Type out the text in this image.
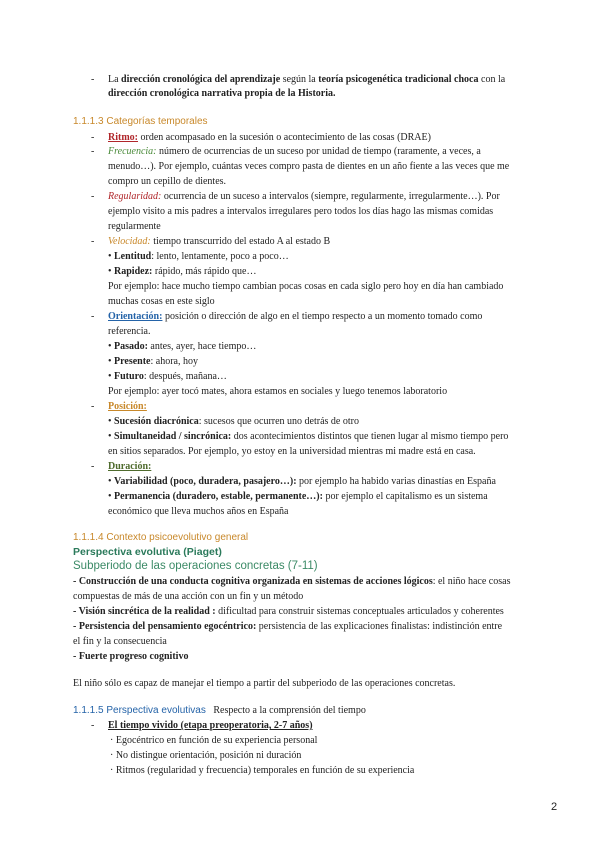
-	La dirección cronológica del aprendizaje según la teoría psicogenética tradicional choca con la
dirección cronológica narrativa propia de la Historia.
1.1.1.3 Categorías temporales
-	Ritmo: orden acompasado en la sucesión o acontecimiento de las cosas (DRAE)
-	Frecuencia: número de ocurrencias de un suceso por unidad de tiempo (raramente, a veces, a
menudo…). Por ejemplo, cuántas veces compro pasta de dientes en un año fiente a las veces que me
compro un cepillo de dientes.
-	Regularidad: ocurrencia de un suceso a intervalos (siempre, regularmente, irregularmente…). Por
ejemplo visito a mis padres a intervalos irregulares pero todos los días hago las mismas comidas
regularmente
-	Velocidad: tiempo transcurrido del estado A al estado B
• Lentitud: lento, lentamente, poco a poco…
• Rapidez: rápido, más rápido que…
Por ejemplo: hace mucho tiempo cambian pocas cosas en cada siglo pero hoy en día han cambiado
muchas cosas en este siglo
-	Orientación: posición o dirección de algo en el tiempo respecto a un momento tomado como
referencia.
• Pasado: antes, ayer, hace tiempo…
• Presente: ahora, hoy
• Futuro: después, mañana…
Por ejemplo: ayer tocó mates, ahora estamos en sociales y luego tenemos laboratorio
-	Posición:
• Sucesión diacrónica: sucesos que ocurren uno detrás de otro
• Simultaneidad / sincrónica: dos acontecimientos distintos que tienen lugar al mismo tiempo pero
en sitios separados. Por ejemplo, yo estoy en la universidad mientras mi madre está en casa.
-	Duración:
• Variabilidad (poco, duradera, pasajero…): por ejemplo ha habido varias dinastías en España
• Permanencia (duradero, estable, permanente…): por ejemplo el capitalismo es un sistema
económico que lleva muchos años en España
1.1.1.4 Contexto psicoevolutivo general
Perspectiva evolutiva (Piaget)
Subperiodo de las operaciones concretas (7-11)
- Construcción de una conducta cognitiva organizada en sistemas de acciones lógicos: el niño hace cosas
compuestas de más de una acción con un fin y un método
- Visión sincrética de la realidad : dificultad para construir sistemas conceptuales articulados y coherentes
- Persistencia del pensamiento egocéntrico: persistencia de las explicaciones finalistas: indistinción entre
el fin y la consecuencia
- Fuerte progreso cognitivo
El niño sólo es capaz de manejar el tiempo a partir del subperiodo de las operaciones concretas.
1.1.1.5 Perspectiva evolutivas Respecto a la comprensión del tiempo
-	El tiempo vivido (etapa preoperatoria, 2-7 años)
· Egocéntrico en función de su experiencia personal
· No distingue orientación, posición ni duración
· Ritmos (regularidad y frecuencia) temporales en función de su experiencia
2
